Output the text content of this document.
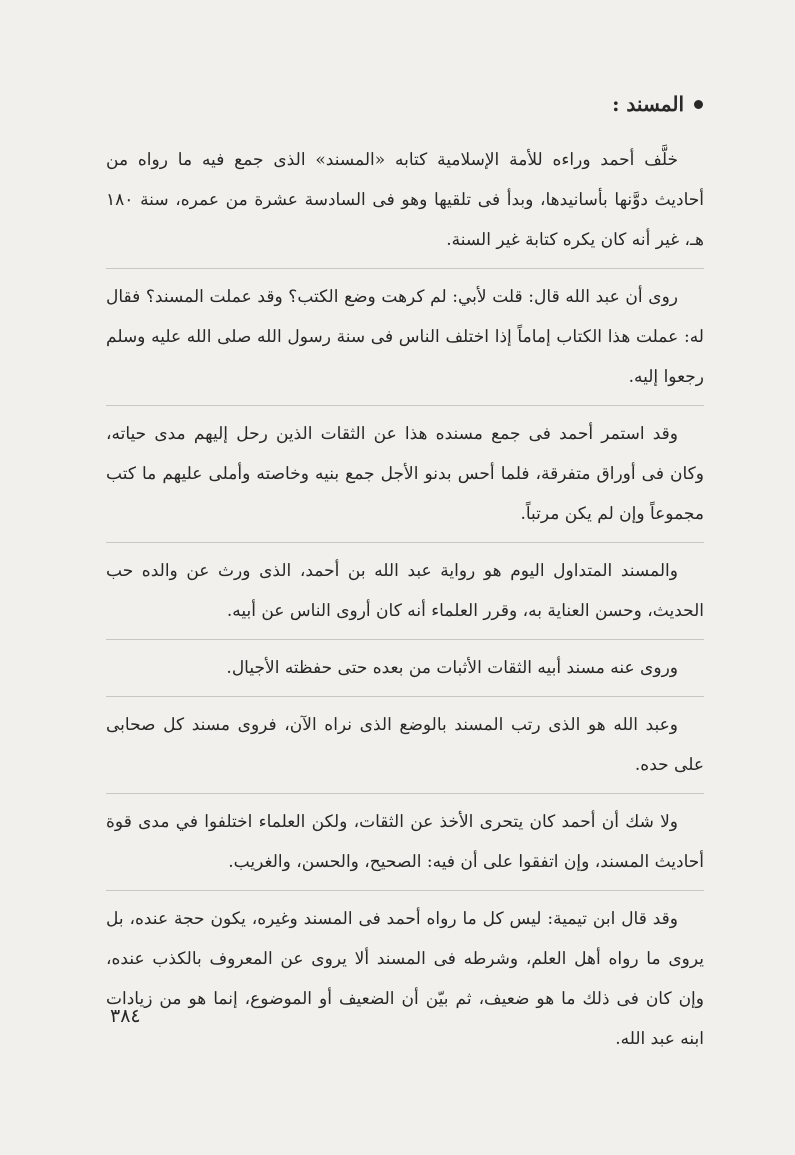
المسند :

خلَّف أحمد وراءه للأمة الإسلامية كتابه «المسند» الذى جمع فيه ما رواه من أحاديث دوَّنها بأسانيدها، وبدأ فى تلقيها وهو فى السادسة عشرة من عمره، سنة ١٨٠ هـ، غير أنه كان يكره كتابة غير السنة.

روى أن عبد الله قال: قلت لأبي: لم كرهت وضع الكتب؟ وقد عملت المسند؟ فقال له: عملت هذا الكتاب إماماً إذا اختلف الناس فى سنة رسول الله صلى الله عليه وسلم رجعوا إليه.

وقد استمر أحمد فى جمع مسنده هذا عن الثقات الذين رحل إليهم مدى حياته، وكان فى أوراق متفرقة، فلما أحس بدنو الأجل جمع بنيه وخاصته وأملى عليهم ما كتب مجموعاً وإن لم يكن مرتباً.

والمسند المتداول اليوم هو رواية عبد الله بن أحمد، الذى ورث عن والده حب الحديث، وحسن العناية به، وقرر العلماء أنه كان أروى الناس عن أبيه.

وروى عنه مسند أبيه الثقات الأثبات من بعده حتى حفظته الأجيال.

وعبد الله هو الذى رتب المسند بالوضع الذى نراه الآن، فروى مسند كل صحابى على حده.

ولا شك أن أحمد كان يتحرى الأخذ عن الثقات، ولكن العلماء اختلفوا في مدى قوة أحاديث المسند، وإن اتفقوا على أن فيه: الصحيح، والحسن، والغريب.

وقد قال ابن تيمية: ليس كل ما رواه أحمد فى المسند وغيره، يكون حجة عنده، بل يروى ما رواه أهل العلم، وشرطه فى المسند ألا يروى عن المعروف بالكذب عنده، وإن كان فى ذلك ما هو ضعيف، ثم بيّن أن الضعيف أو الموضوع، إنما هو من زيادات ابنه عبد الله.

٣٨٤
